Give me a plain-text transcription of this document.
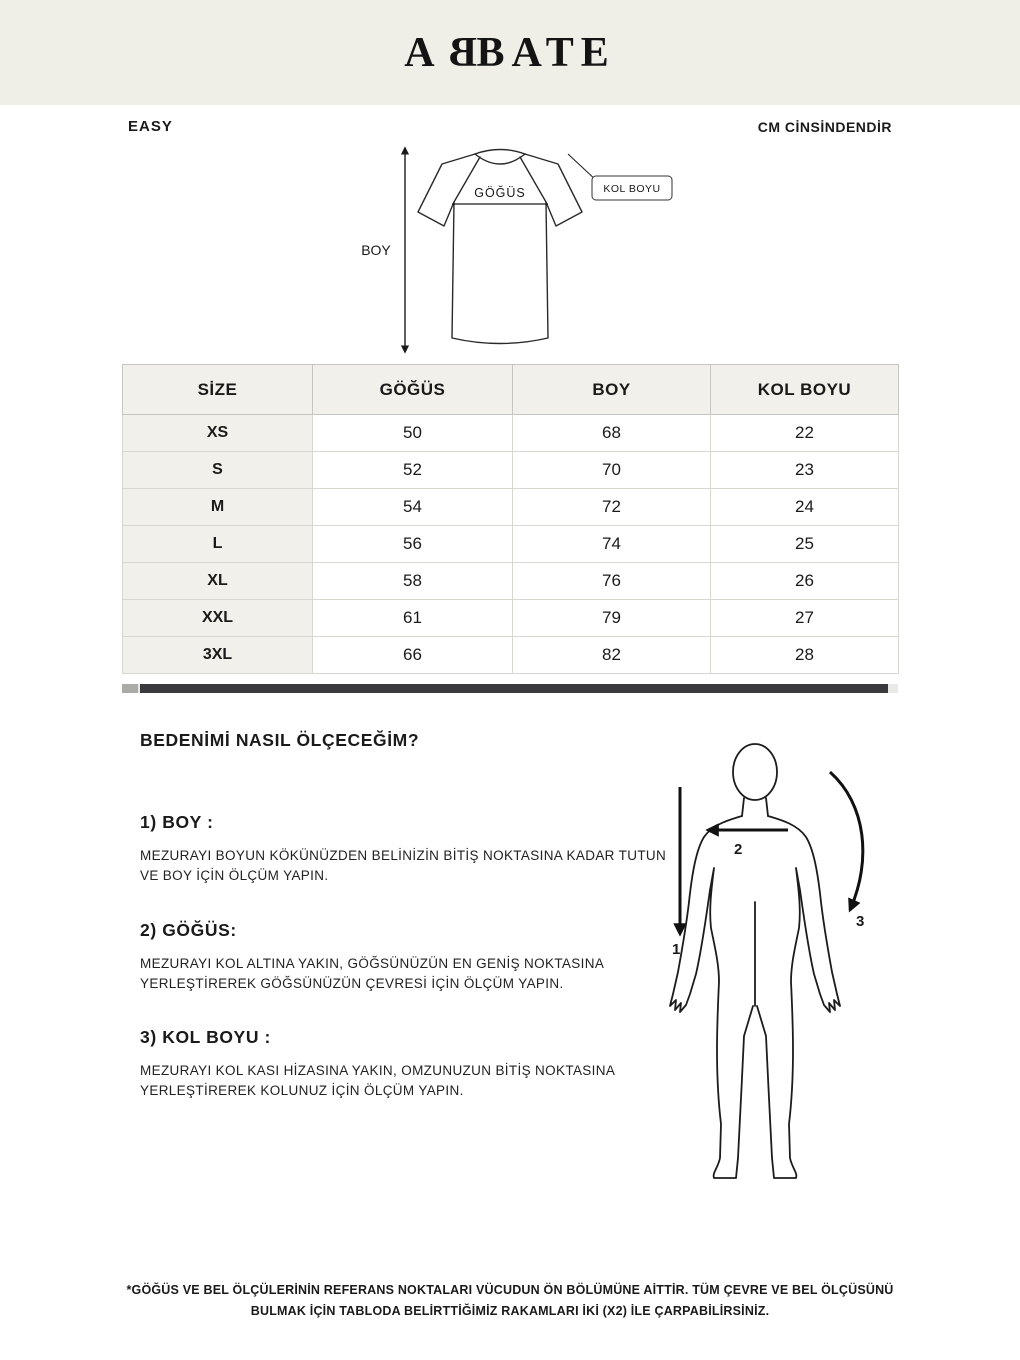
ABBATE
EASY	CM CİNSİNDENDİR
BOY
GÖĞÜS	KOL BOYU
SİZE	GÖĞÜS	BOY	KOL BOYU
XS	50	68	22
S	52	70	23
M	54	72	24
L	56	74	25
XL	58	76	26
XXL	61	79	27
3XL	66	82	28
BEDENİMİ NASIL ÖLÇECEĞİM?
1) BOY :

MEZURAYI BOYUN KÖKÜNÜZDEN BELİNİZİN BİTİŞ NOKTASINA KADAR TUTUN VE BOY İÇİN ÖLÇÜM YAPIN.

2) GÖĞÜS:

MEZURAYI KOL ALTINA YAKIN, GÖĞSÜNÜZÜN EN GENİŞ NOKTASINA YERLEŞTİREREK GÖĞSÜNÜZÜN ÇEVRESİ İÇİN ÖLÇÜM YAPIN.

3) KOL BOYU :

MEZURAYI KOL KASI HİZASINA YAKIN, OMZUNUZUN BİTİŞ NOKTASINA YERLEŞTİREREK KOLUNUZ İÇİN ÖLÇÜM YAPIN.

1
2
3
*GÖĞÜS VE BEL ÖLÇÜLERİNİN REFERANS NOKTALARI VÜCUDUN ÖN BÖLÜMÜNE AİTTİR. TÜM ÇEVRE VE BEL ÖLÇÜSÜNÜ BULMAK İÇİN TABLODA BELİRTTİĞİMİZ RAKAMLARI İKİ (X2) İLE ÇARPABİLİRSİNİZ.
